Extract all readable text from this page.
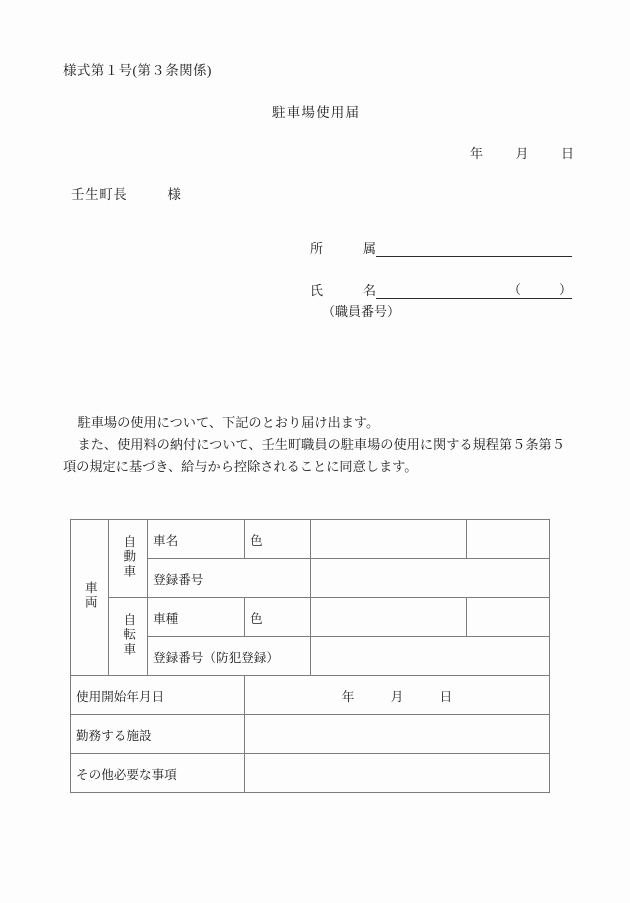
様式第１号(第３条関係)
駐車場使用届
年	月	日
壬生町長	様
所	属
氏	名	（	）
（職員番号）

駐車場の使用について、下記のとおり届け出ます。

また、使用料の納付について、壬生町職員の駐車場の使用に関する規程第５条第５項の規定に基づき、給与から控除されることに同意します。

車両	自動車	車名	色		
		登録番号			
	自転車	車種	色		
		登録番号（防犯登録）			
使用開始年月日			年 月 日		
勤務する施設					
その他必要な事項					
